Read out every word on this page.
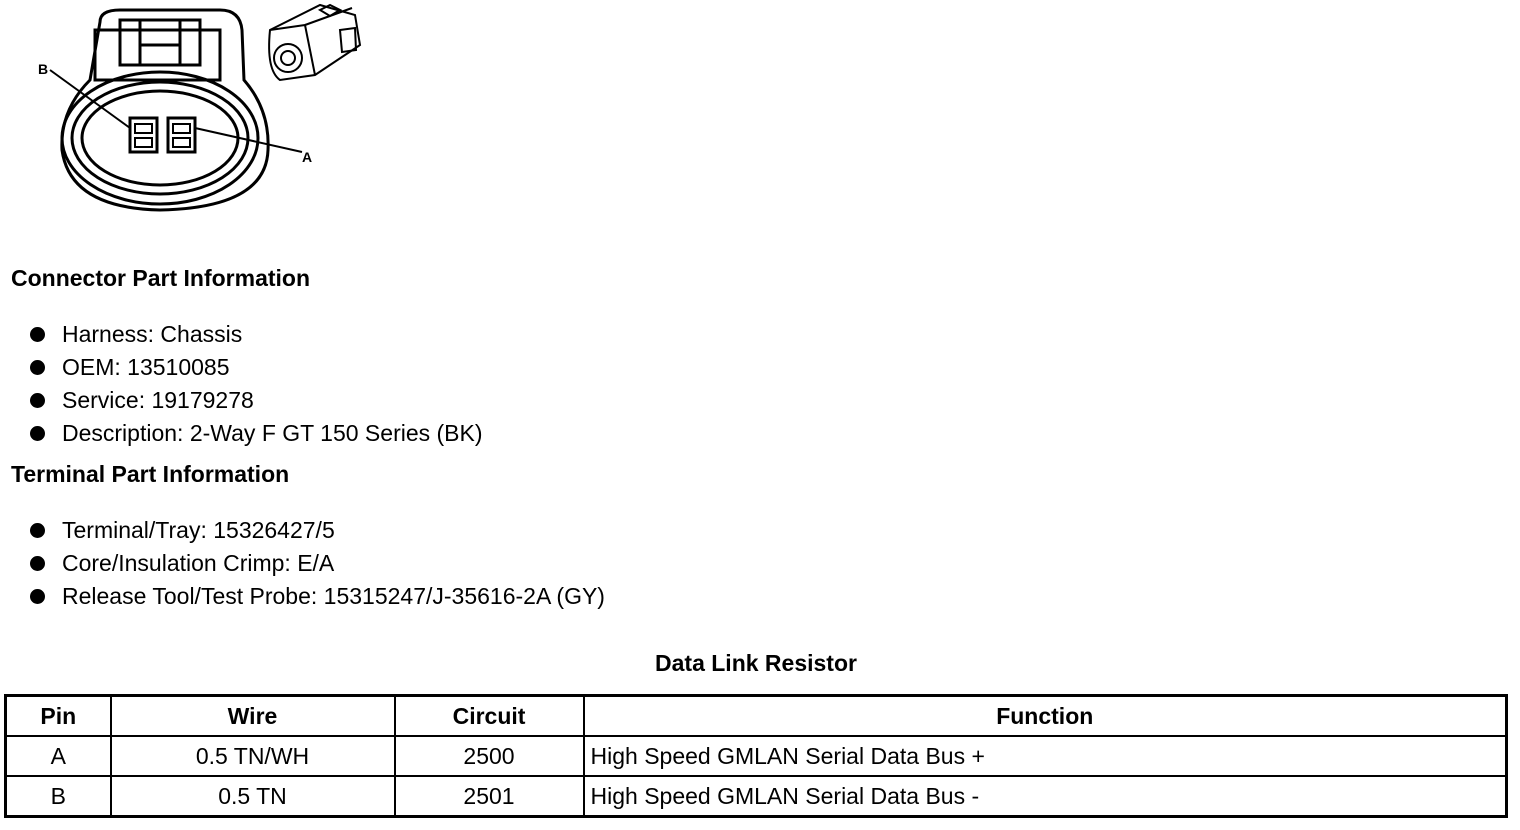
B
A
Connector Part Information
Harness: Chassis
OEM: 13510085
Service: 19179278
Description: 2-Way F GT 150 Series (BK)
Terminal Part Information
Terminal/Tray: 15326427/5
Core/Insulation Crimp: E/A
Release Tool/Test Probe: 15315247/J-35616-2A (GY)
Data Link Resistor
Pin	Wire	Circuit	Function
A	0.5 TN/WH	2500	High Speed GMLAN Serial Data Bus +
B	0.5 TN	2501	High Speed GMLAN Serial Data Bus -
